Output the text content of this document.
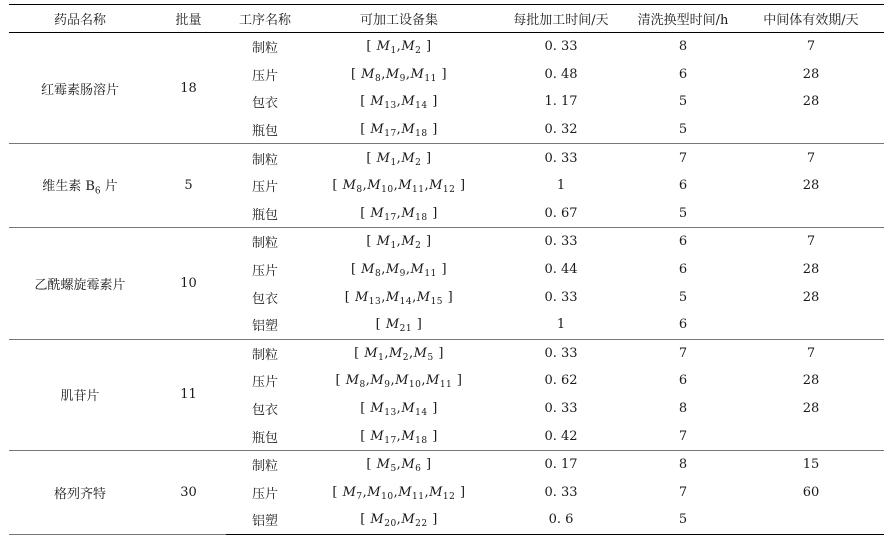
药品名称	批量	工序名称	可加工设备集	每批加工时间/天	清洗换型时间/h	中间体有效期/天
红霉素肠溶片	18	制粒	[ $M_1,M_2$ ]	0. 33	8	7
		压片	[ $M_8,M_9,M_{11}$ ]	0. 48	6	28
		包衣	[ $M_{13},M_{14}$ ]	1. 17	5	28
		瓶包	[ $M_{17},M_{18}$ ]	0. 32	5	
维生素 $B_6$ 片	5	制粒	[ $M_1,M_2$ ]	0. 33	7	7
		压片	[ $M_8,M_{10},M_{11},M_{12}$ ]	1	6	28
		瓶包	[ $M_{17},M_{18}$ ]	0. 67	5	
乙酰螺旋霉素片	10	制粒	[ $M_1,M_2$ ]	0. 33	6	7
		压片	[ $M_8,M_9,M_{11}$ ]	0. 44	6	28
		包衣	[ $M_{13},M_{14},M_{15}$ ]	0. 33	5	28
		铝塑	[ $M_{21}$ ]	1	6	
肌苷片	11	制粒	[ $M_1,M_2,M_5$ ]	0. 33	7	7
		压片	[ $M_8,M_9,M_{10},M_{11}$ ]	0. 62	6	28
		包衣	[ $M_{13},M_{14}$ ]	0. 33	8	28
		瓶包	[ $M_{17},M_{18}$ ]	0. 42	7	
格列齐特	30	制粒	[ $M_5,M_6$ ]	0. 17	8	15
		压片	[ $M_7,M_{10},M_{11},M_{12}$ ]	0. 33	7	60
		铝塑	[ $M_{20},M_{22}$ ]	0. 6	5	
